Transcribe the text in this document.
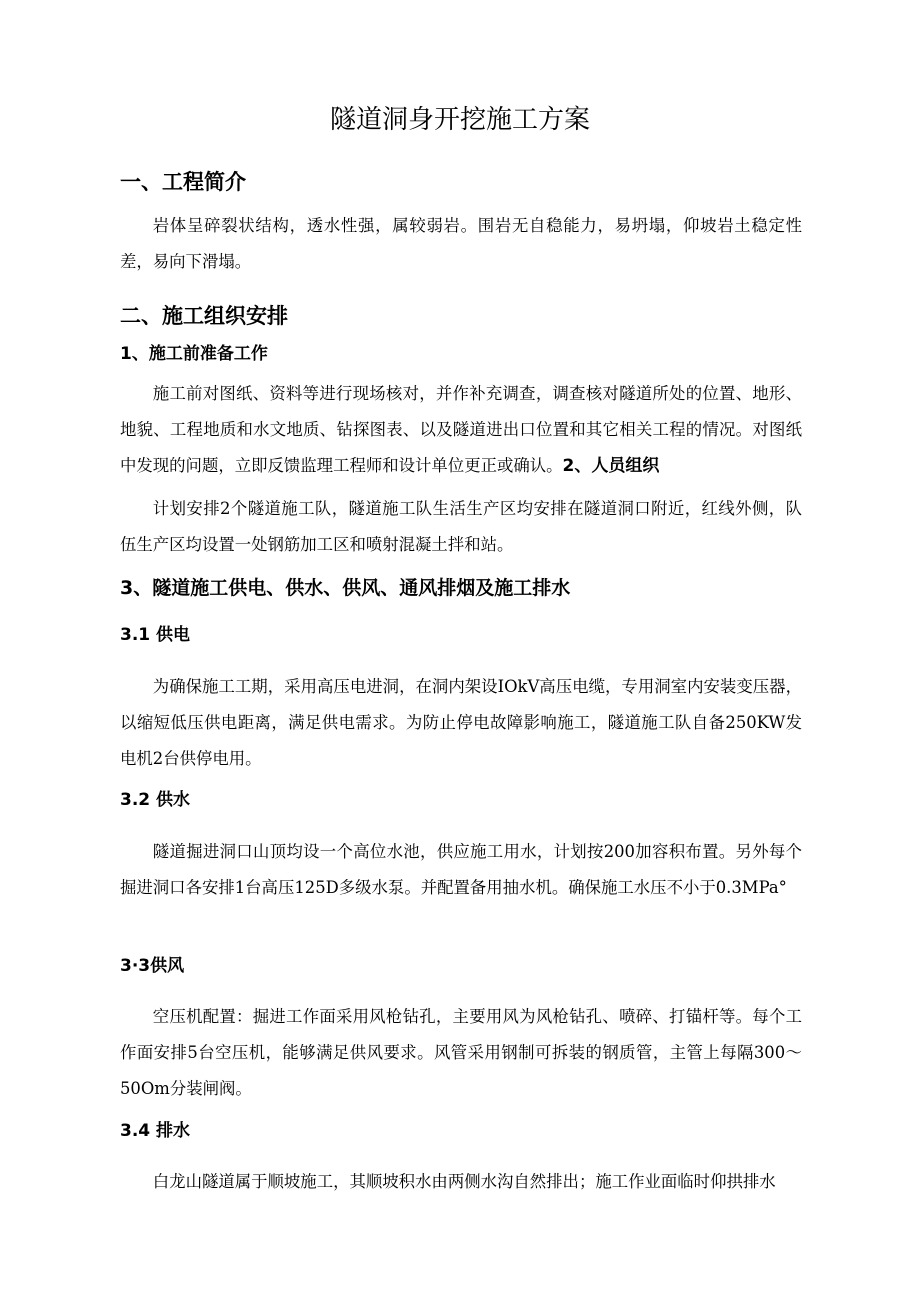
隧道洞身开挖施工方案
一、工程简介

岩体呈碎裂状结构，透水性强，属较弱岩。围岩无自稳能力，易坍塌，仰坡岩土稳定性差，易向下滑塌。

二、施工组织安排
1、施工前准备工作

施工前对图纸、资料等进行现场核对，并作补充调查，调查核对隧道所处的位置、地形、地貌、工程地质和水文地质、钻探图表、以及隧道进出口位置和其它相关工程的情况。对图纸中发现的问题，立即反馈监理工程师和设计单位更正或确认。2、人员组织

计划安排2个隧道施工队，隧道施工队生活生产区均安排在隧道洞口附近，红线外侧，队伍生产区均设置一处钢筋加工区和喷射混凝土拌和站。

3、隧道施工供电、供水、供风、通风排烟及施工排水
3.1 供电

为确保施工工期，采用高压电进洞，在洞内架设IOkV高压电缆，专用洞室内安装变压器，以缩短低压供电距离，满足供电需求。为防止停电故障影响施工，隧道施工队自备250KW发电机2台供停电用。

3.2 供水

隧道掘进洞口山顶均设一个高位水池，供应施工用水，计划按200加容积布置。另外每个掘进洞口各安排1台高压125D多级水泵。并配置备用抽水机。确保施工水压不小于0.3MPa°

3·3供风

空压机配置：掘进工作面采用风枪钻孔，主要用风为风枪钻孔、喷碎、打锚杆等。每个工作面安排5台空压机，能够满足供风要求。风管采用钢制可拆装的钢质管，主管上每隔300～50Om分装闸阀。

3.4 排水

白龙山隧道属于顺坡施工，其顺坡积水由两侧水沟自然排出；施工作业面临时仰拱排水
